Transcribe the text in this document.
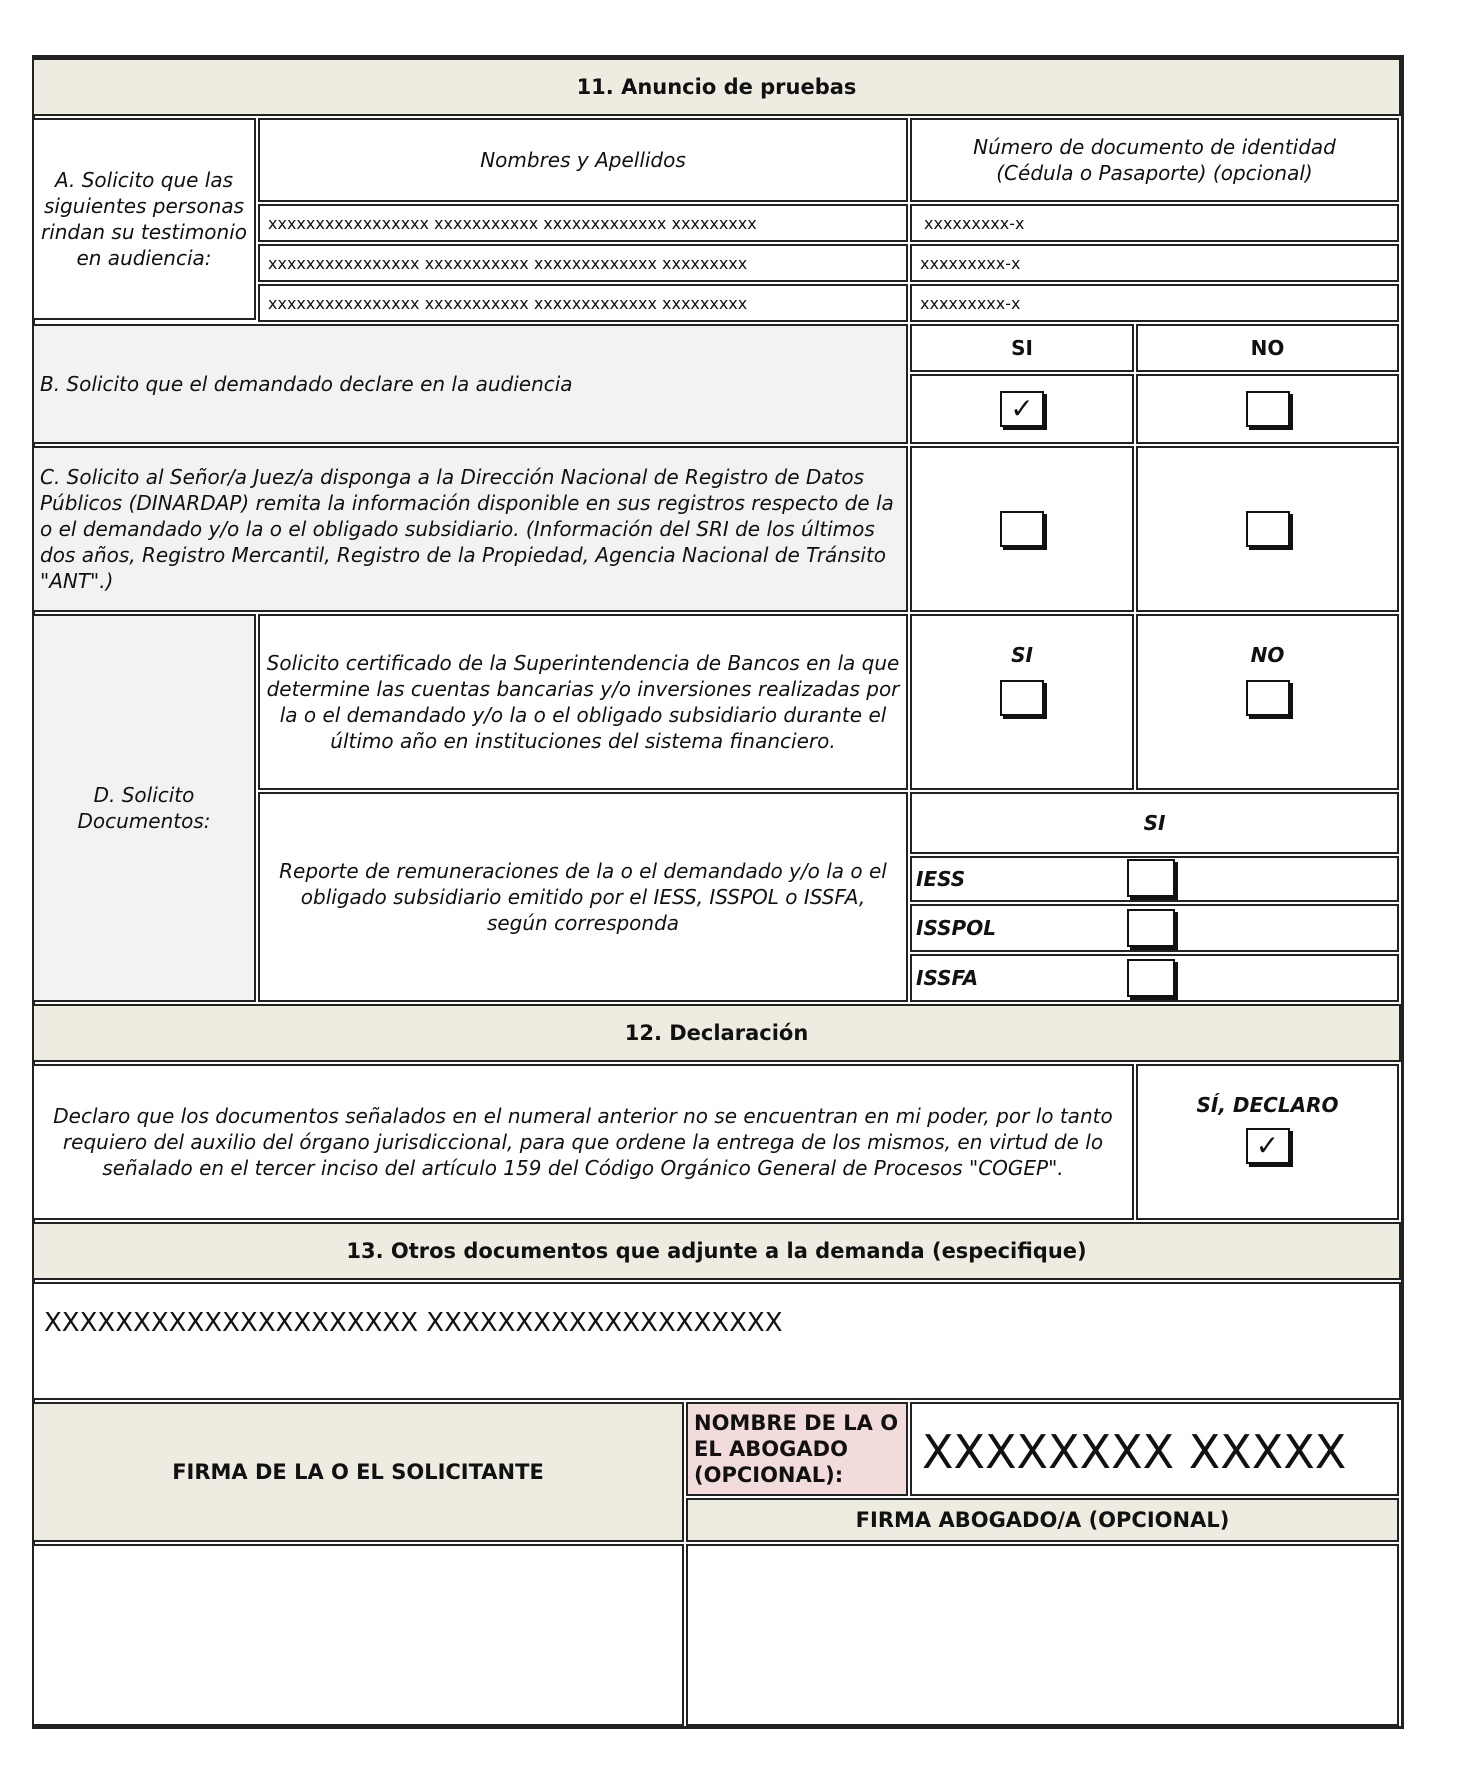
11. Anuncio de pruebas
A. Solicito que las siguientes personas rindan su testimonio en audiencia:
Nombres y Apellidos
Número de documento de identidad (Cédula o Pasaporte) (opcional)
xxxxxxxxxxxxxxxxx xxxxxxxxxxx xxxxxxxxxxxxx xxxxxxxxx	xxxxxxxxx-x
xxxxxxxxxxxxxxxx xxxxxxxxxxx xxxxxxxxxxxxx xxxxxxxxx	xxxxxxxxx-x
xxxxxxxxxxxxxxxx xxxxxxxxxxx xxxxxxxxxxxxx xxxxxxxxx	xxxxxxxxx-x
B. Solicito que el demandado declare en la audiencia
SI	NO
✓
C. Solicito al Señor/a Juez/a disponga a la Dirección Nacional de Registro de Datos Públicos (DINARDAP) remita la información disponible en sus registros respecto de la o el demandado y/o la o el obligado subsidiario. (Información del SRI de los últimos dos años, Registro Mercantil, Registro de la Propiedad, Agencia Nacional de Tránsito "ANT".)
D. Solicito Documentos:
Solicito certificado de la Superintendencia de Bancos en la que determine las cuentas bancarias y/o inversiones realizadas por la o el demandado y/o la o el obligado subsidiario durante el último año en instituciones del sistema financiero.
SI	NO
Reporte de remuneraciones de la o el demandado y/o la o el obligado subsidiario emitido por el IESS, ISSPOL o ISSFA, según corresponda
SI
IESS
ISSPOL
ISSFA
12. Declaración
Declaro que los documentos señalados en el numeral anterior no se encuentran en mi poder, por lo tanto requiero del auxilio del órgano jurisdiccional, para que ordene la entrega de los mismos, en virtud de lo señalado en el tercer inciso del artículo 159 del Código Orgánico General de Procesos "COGEP".
SÍ, DECLARO
✓
13. Otros documentos que adjunte a la demanda (especifique)
XXXXXXXXXXXXXXXXXXXXX XXXXXXXXXXXXXXXXXXXX
FIRMA DE LA O EL SOLICITANTE
NOMBRE DE LA O EL ABOGADO (OPCIONAL):	XXXXXXXX XXXXX
FIRMA ABOGADO/A (OPCIONAL)
